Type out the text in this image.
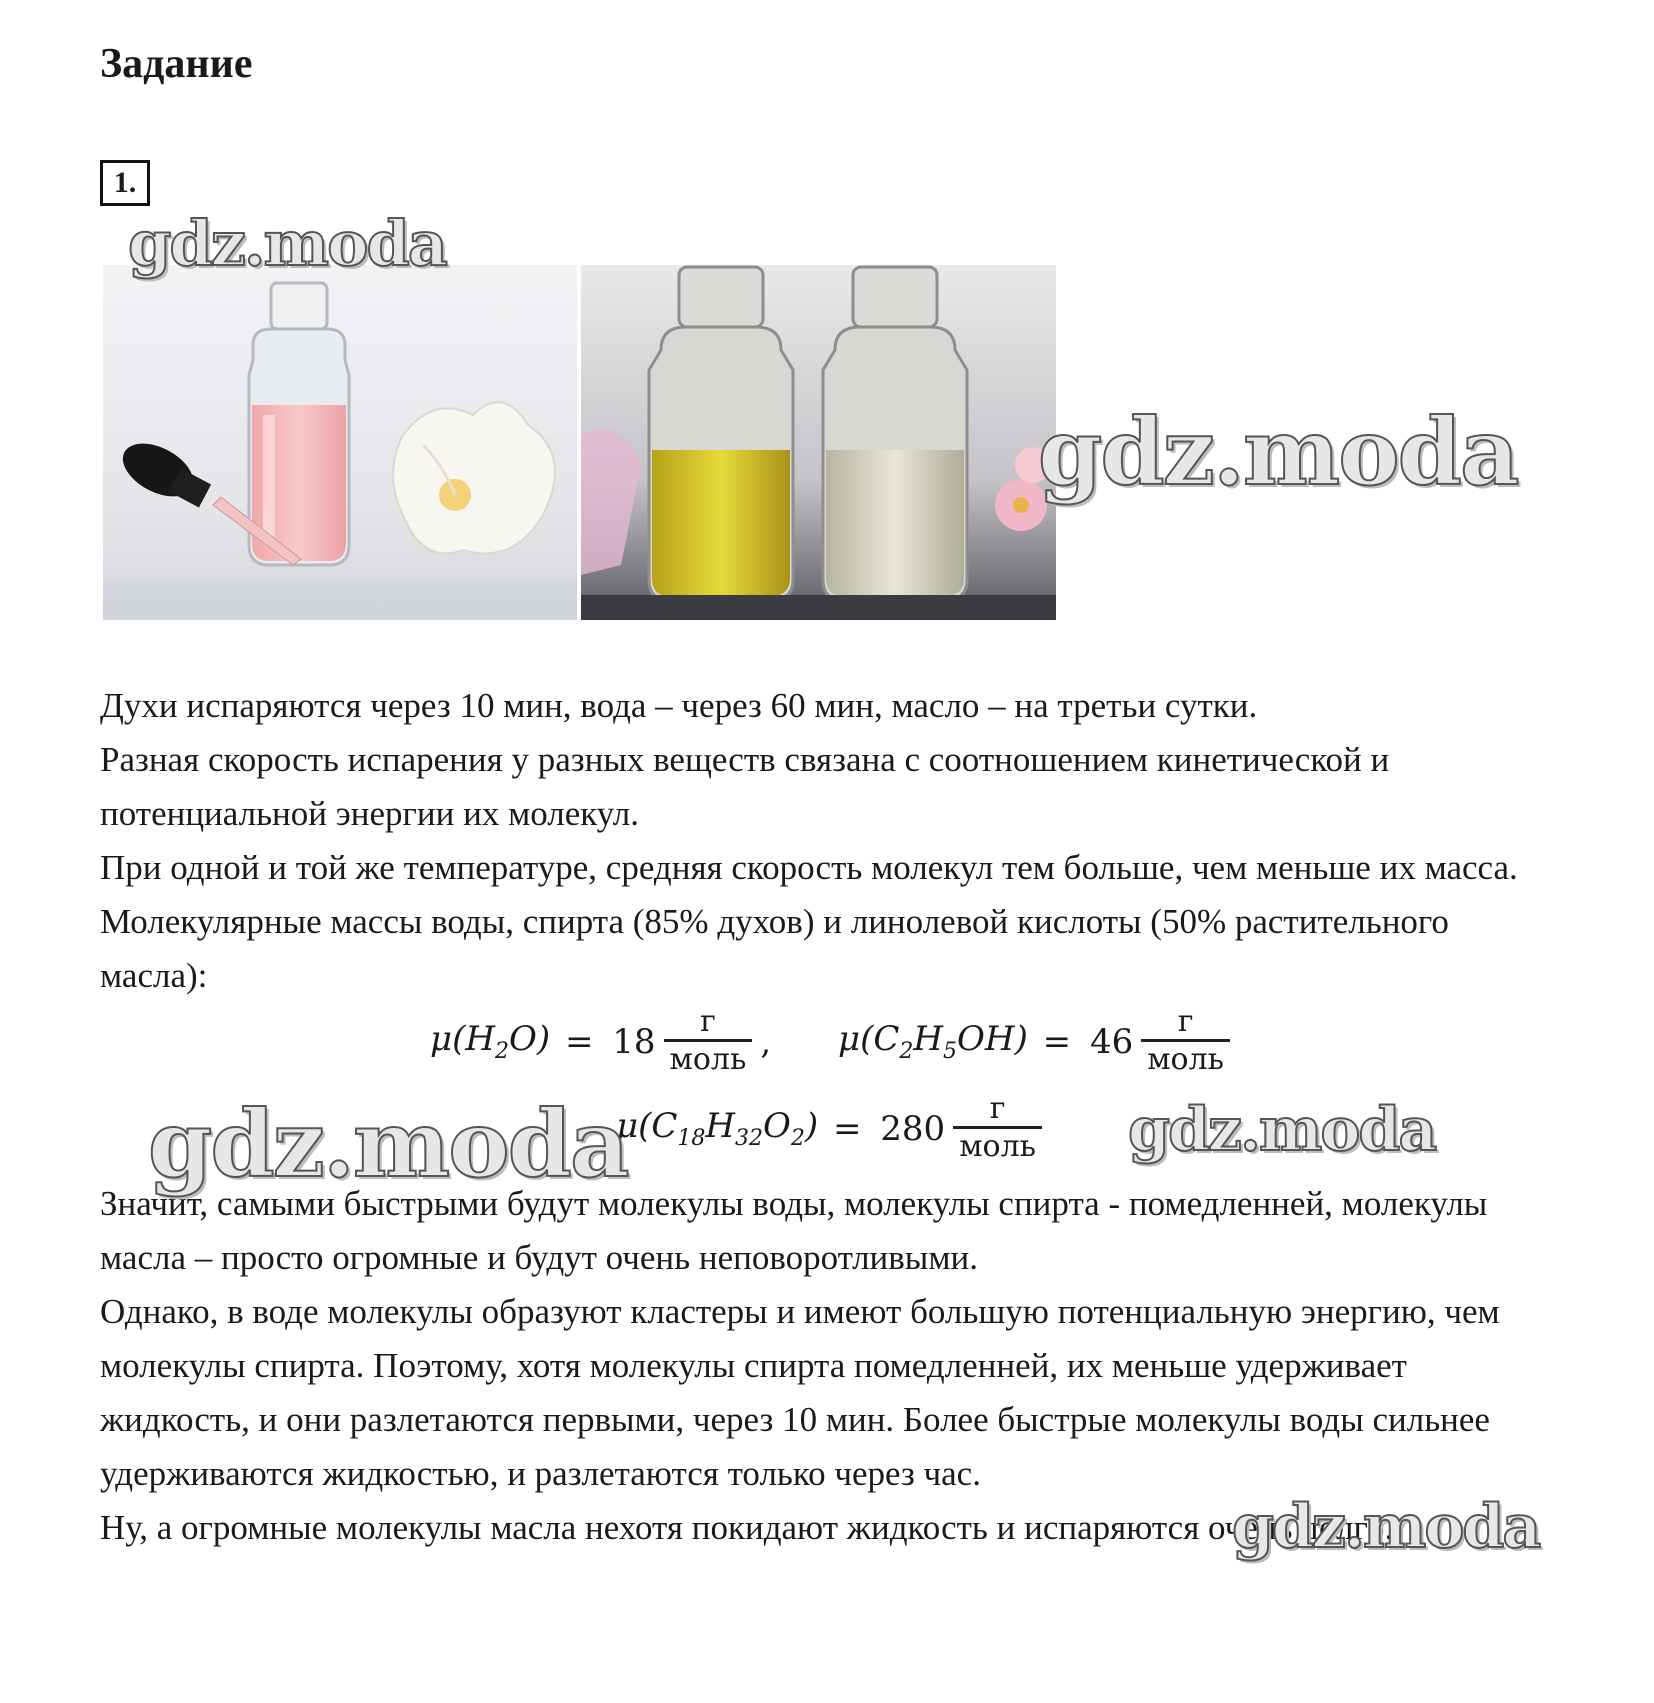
Задание
1.

Духи испаряются через 10 мин, вода – через 60 мин, масло – на третьи сутки.

Разная скорость испарения у разных веществ связана с соотношением кинетической и потенциальной энергии их молекул.

При одной и той же температуре, средняя скорость молекул тем больше, чем меньше их масса. Молекулярные массы воды, спирта (85% духов) и линолевой кислоты (50% растительного масла):

$\mu(H_2O) = 18 \frac{г}{\text{моль}}$ , $\mu(C_2H_5OH) = 46 \frac{г}{\text{моль}}$
$\mu(C_{18}H_{32}O_2) = 280 \frac{г}{\text{моль}}$

Значит, самыми быстрыми будут молекулы воды, молекулы спирта - помедленней, молекулы масла – просто огромные и будут очень неповоротливыми.

Однако, в воде молекулы образуют кластеры и имеют большую потенциальную энергию, чем молекулы спирта. Поэтому, хотя молекулы спирта помедленней, их меньше удерживает жидкость, и они разлетаются первыми, через 10 мин. Более быстрые молекулы воды сильнее удерживаются жидкостью, и разлетаются только через час.

Ну, а огромные молекулы масла нехотя покидают жидкость и испаряются очень долго.

gdz.moda
gdz.moda
gdz.moda	gdz.moda
gdz.moda
